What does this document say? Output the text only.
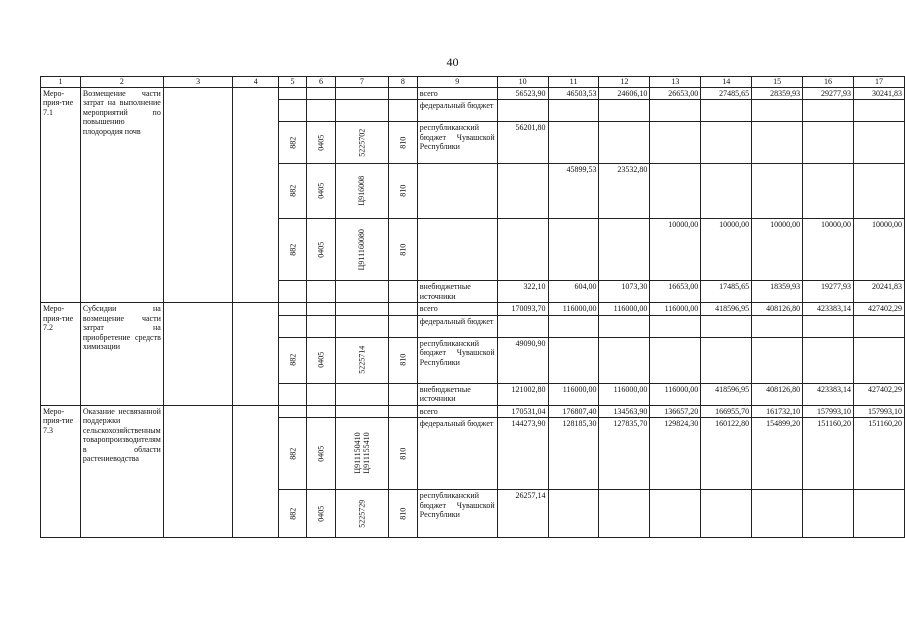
40
1	2	3	4	5	6	7	8	9	10	11	12	13	14	15	16	17
Меро-прия-тие 7.1	Возмещение части затрат на выполнение мероприятий по повышению плодородия почв							всего	56523,90	46503,53	24606,10	26653,00	27485,65	28359,93	29277,93	30241,83
								федеральный бюджет								
				882	0405	5225702	810	республиканский бюджет Чувашской Республики	56201,80							
				882	0405	Ц916008	810			45899,53	23532,80					
				882	0405	Ц911160080	810					10000,00	10000,00	10000,00	10000,00	10000,00
								внебюджетные источники	322,10	604,00	1073,30	16653,00	17485,65	18359,93	19277,93	20241,83
Меро-прия-тие 7.2	Субсидии на возмещение части затрат на приобретение средств химизации							всего	170093,70	116000,00	116000,00	116000,00	418596,95	408126,80	423383,14	427402,29
								федеральный бюджет								
				882	0405	5225714	810	республиканский бюджет Чувашской Республики	49090,90							
								внебюджетные источники	121002,80	116000,00	116000,00	116000,00	418596,95	408126,80	423383,14	427402,29
Меро-прия-тие 7.3	Оказание несвязанной поддержки сельскохозяйственным товаропроизводителям в области растениеводства							всего	170531,04	176807,40	134563,90	136657,20	166955,70	161732,10	157993,10	157993,10
				882	0405	Ц911150410 Ц911155410	810	федеральный бюджет	144273,90	128185,30	127835,70	129824,30	160122,80	154899,20	151160,20	151160,20
				882	0405	5225729	810	республиканский бюджет Чувашской Республики	26257,14							
